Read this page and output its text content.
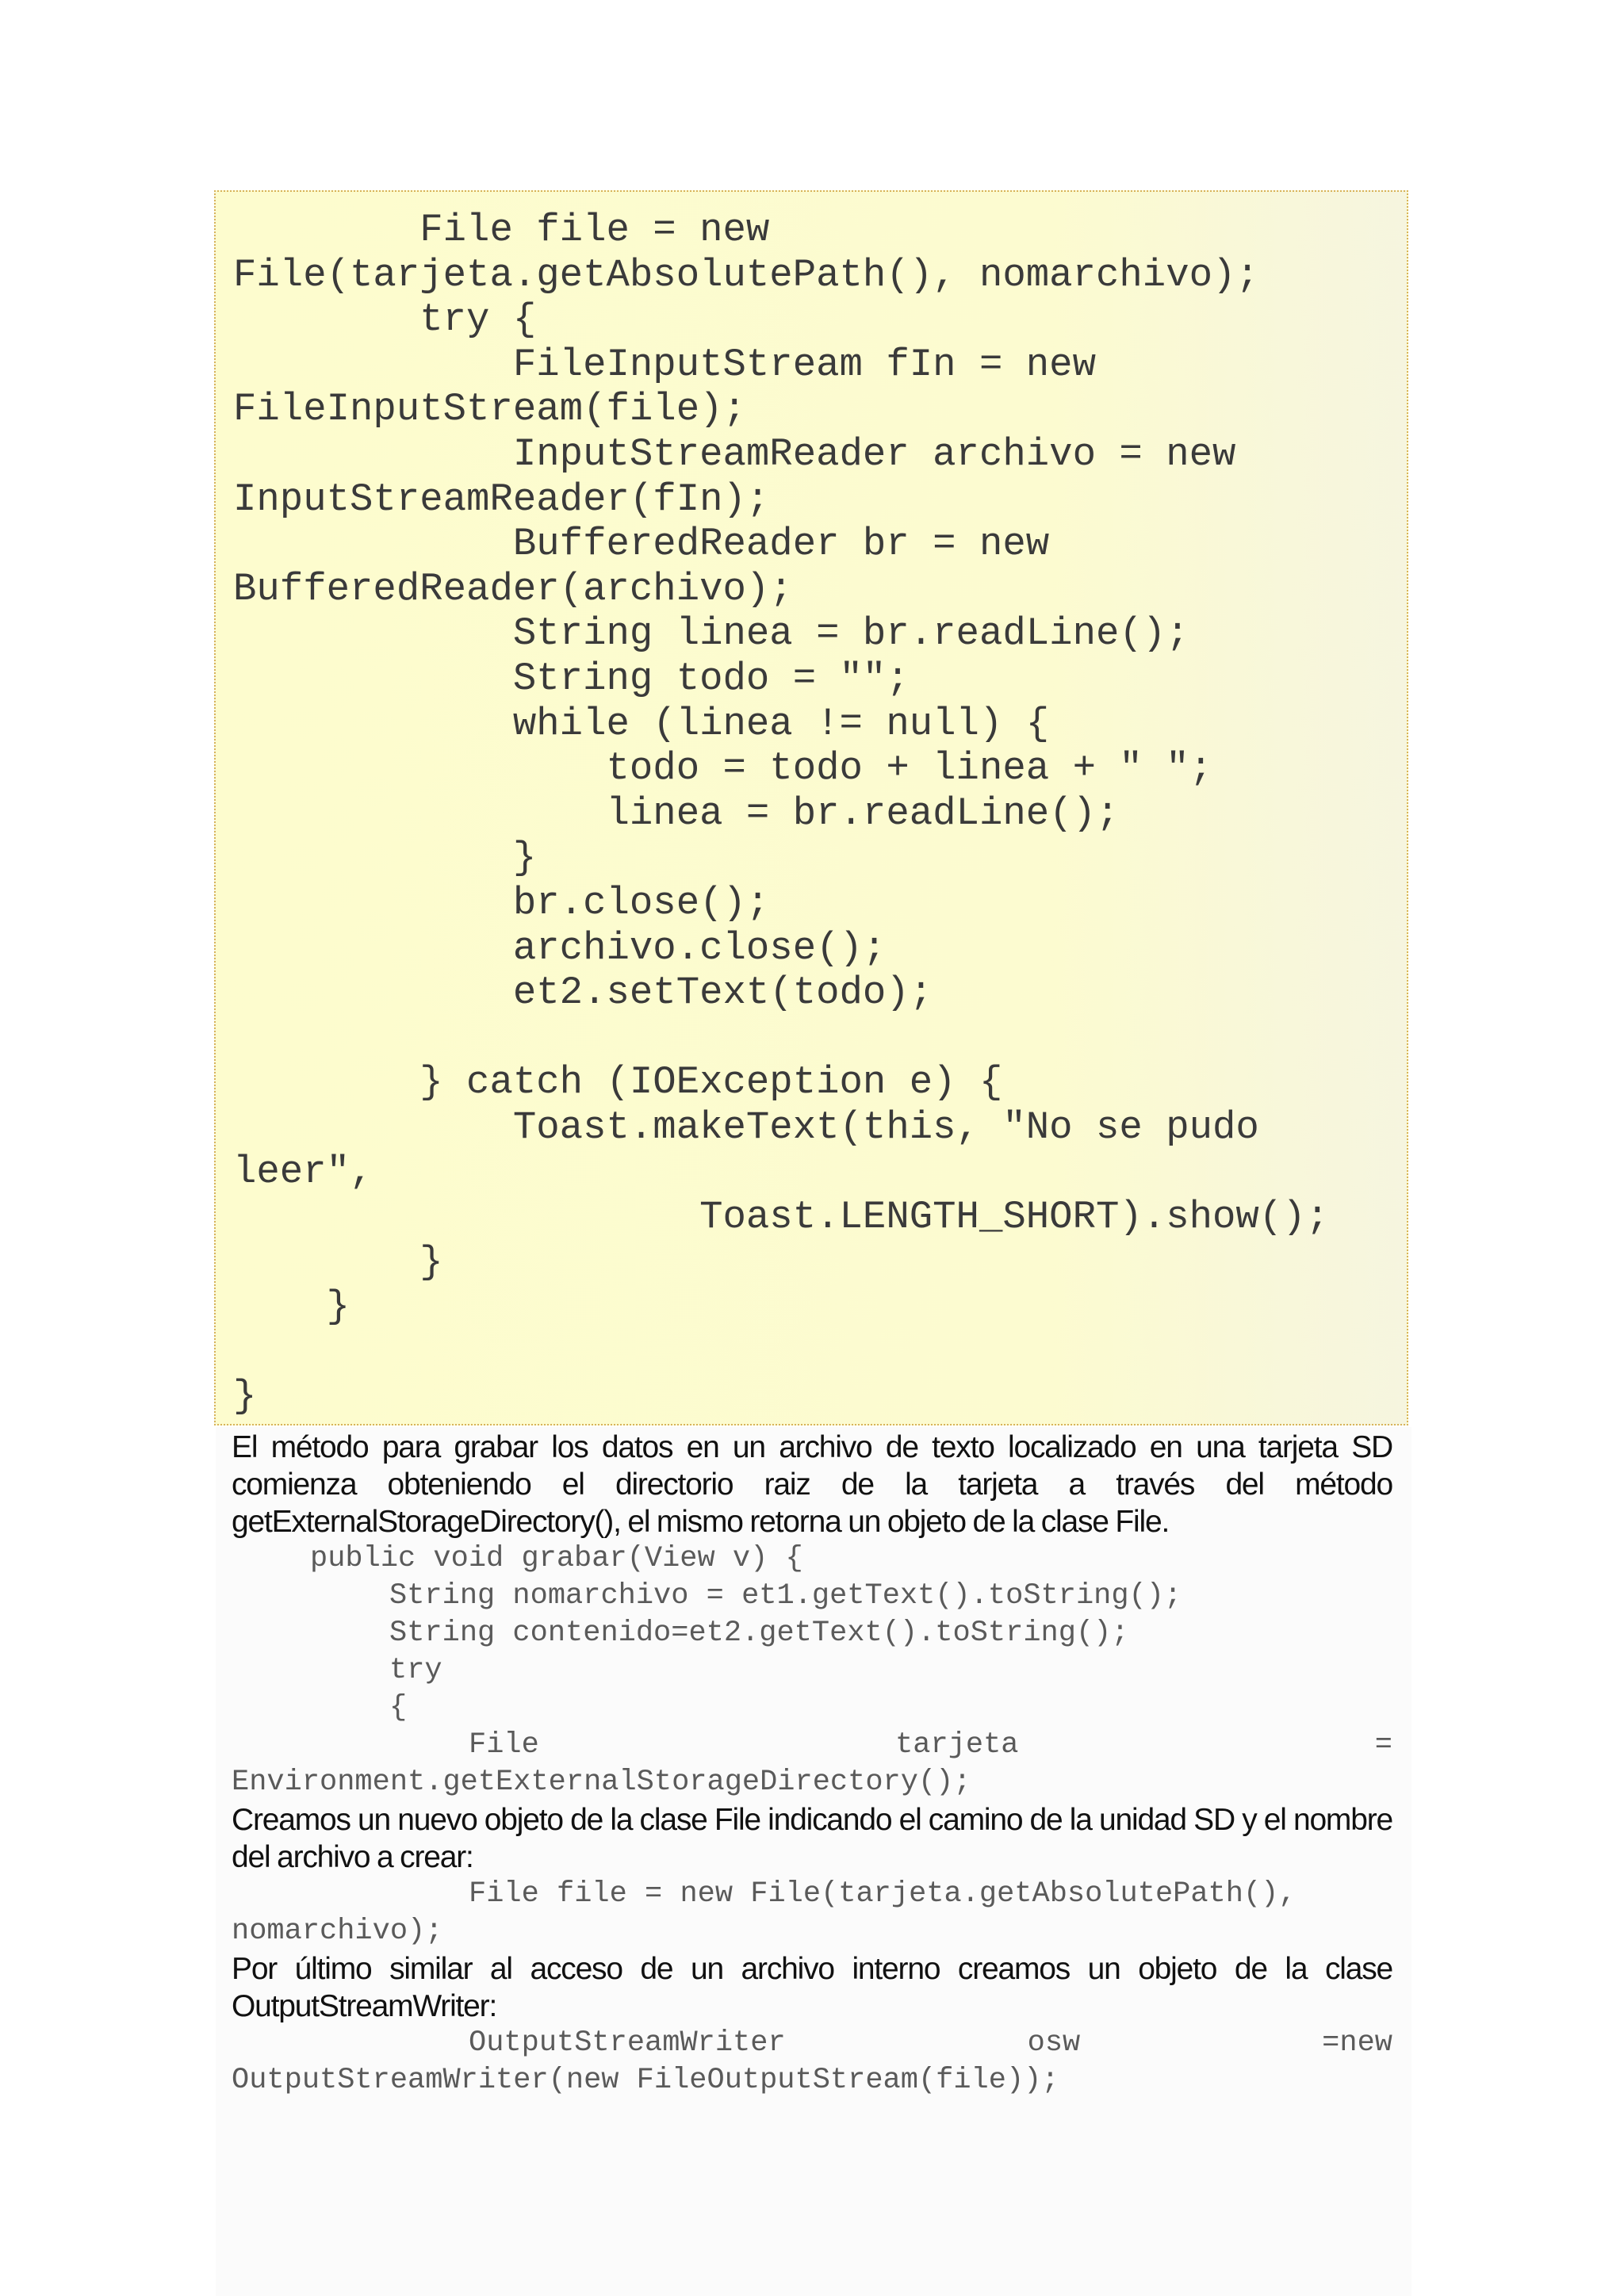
File file = new
File(tarjeta.getAbsolutePath(), nomarchivo);
try {
FileInputStream fIn = new
FileInputStream(file);
InputStreamReader archivo = new
InputStreamReader(fIn);
BufferedReader br = new
BufferedReader(archivo);
String linea = br.readLine();
String todo = "";
while (linea != null) {
todo = todo + linea + " ";
linea = br.readLine();
}
br.close();
archivo.close();
et2.setText(todo);

} catch (IOException e) {
Toast.makeText(this, "No se pudo
leer",
Toast.LENGTH_SHORT).show();
}
}

}

El método para grabar los datos en un archivo de texto localizado en una tarjeta SD comienza obteniendo el directorio raiz de la tarjeta a través del método getExternalStorageDirectory(), el mismo retorna un objeto de la clase File.

public void grabar(View v) {

String nomarchivo = et1.getText().toString();

String contenido=et2.getText().toString();

try

{

File	tarjeta	=

Environment.getExternalStorageDirectory();

Creamos un nuevo objeto de la clase File indicando el camino de la unidad SD y el nombre del archivo a crear:

File file = new File(tarjeta.getAbsolutePath(),

nomarchivo);

Por último similar al acceso de un archivo interno creamos un objeto de la clase OutputStreamWriter:

OutputStreamWriter	osw	=new

OutputStreamWriter(new FileOutputStream(file));
